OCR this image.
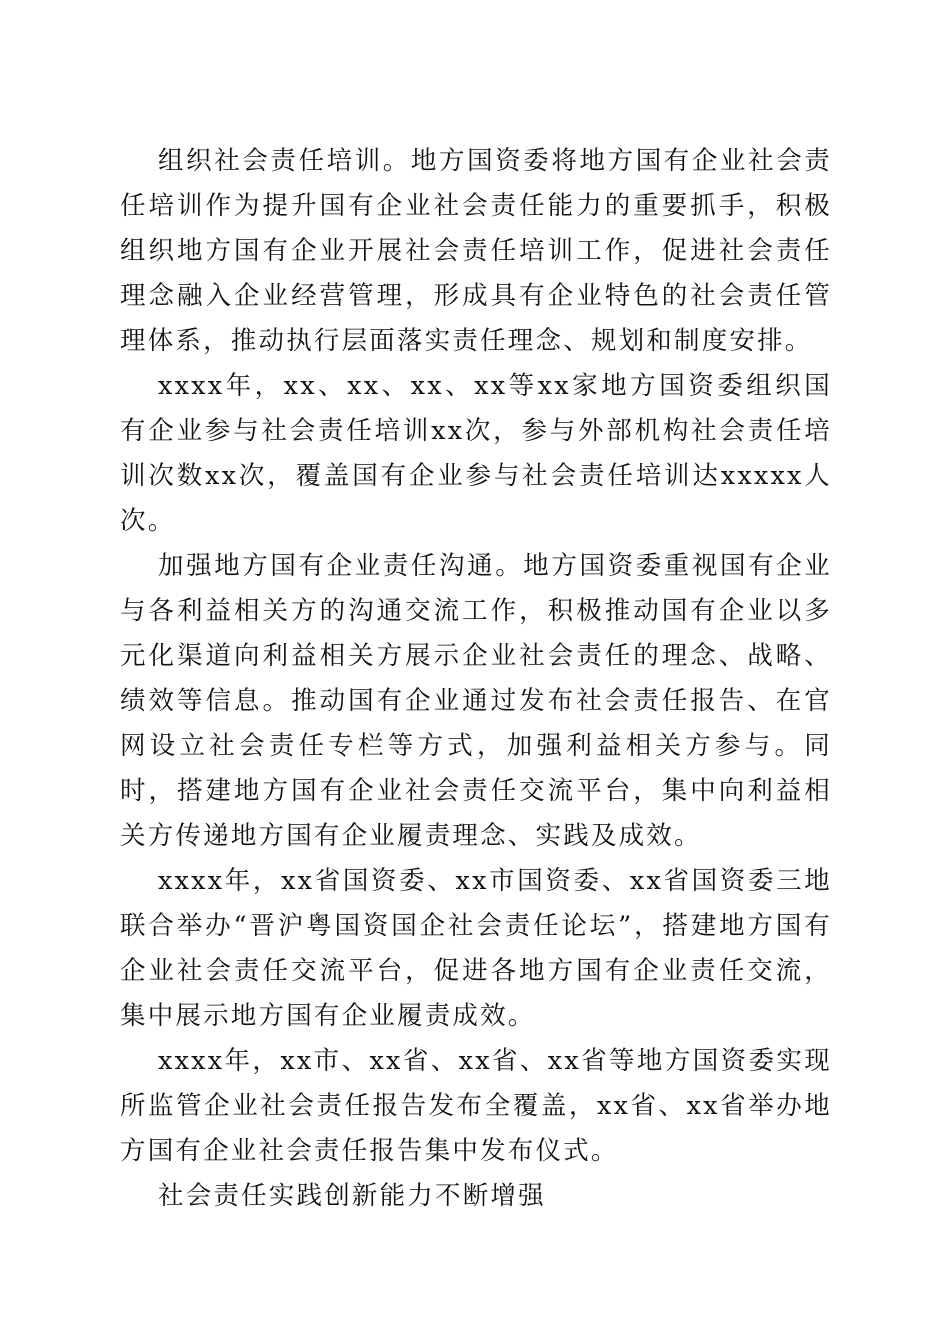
组织社会责任培训。地方国资委将地方国有企业社会责任培训作为提升国有企业社会责任能力的重要抓手，积极组织地方国有企业开展社会责任培训工作，促进社会责任理念融入企业经营管理，形成具有企业特色的社会责任管理体系，推动执行层面落实责任理念、规划和制度安排。

xxxx年，xx、xx、xx、xx等xx家地方国资委组织国有企业参与社会责任培训xx次，参与外部机构社会责任培训次数xx次，覆盖国有企业参与社会责任培训达xxxxx人次。

加强地方国有企业责任沟通。地方国资委重视国有企业与各利益相关方的沟通交流工作，积极推动国有企业以多元化渠道向利益相关方展示企业社会责任的理念、战略、绩效等信息。推动国有企业通过发布社会责任报告、在官网设立社会责任专栏等方式，加强利益相关方参与。同时，搭建地方国有企业社会责任交流平台，集中向利益相关方传递地方国有企业履责理念、实践及成效。

xxxx年，xx省国资委、xx市国资委、xx省国资委三地联合举办“晋沪粤国资国企社会责任论坛”，搭建地方国有企业社会责任交流平台，促进各地方国有企业责任交流，集中展示地方国有企业履责成效。

xxxx年，xx市、xx省、xx省、xx省等地方国资委实现所监管企业社会责任报告发布全覆盖，xx省、xx省举办地方国有企业社会责任报告集中发布仪式。

社会责任实践创新能力不断增强
